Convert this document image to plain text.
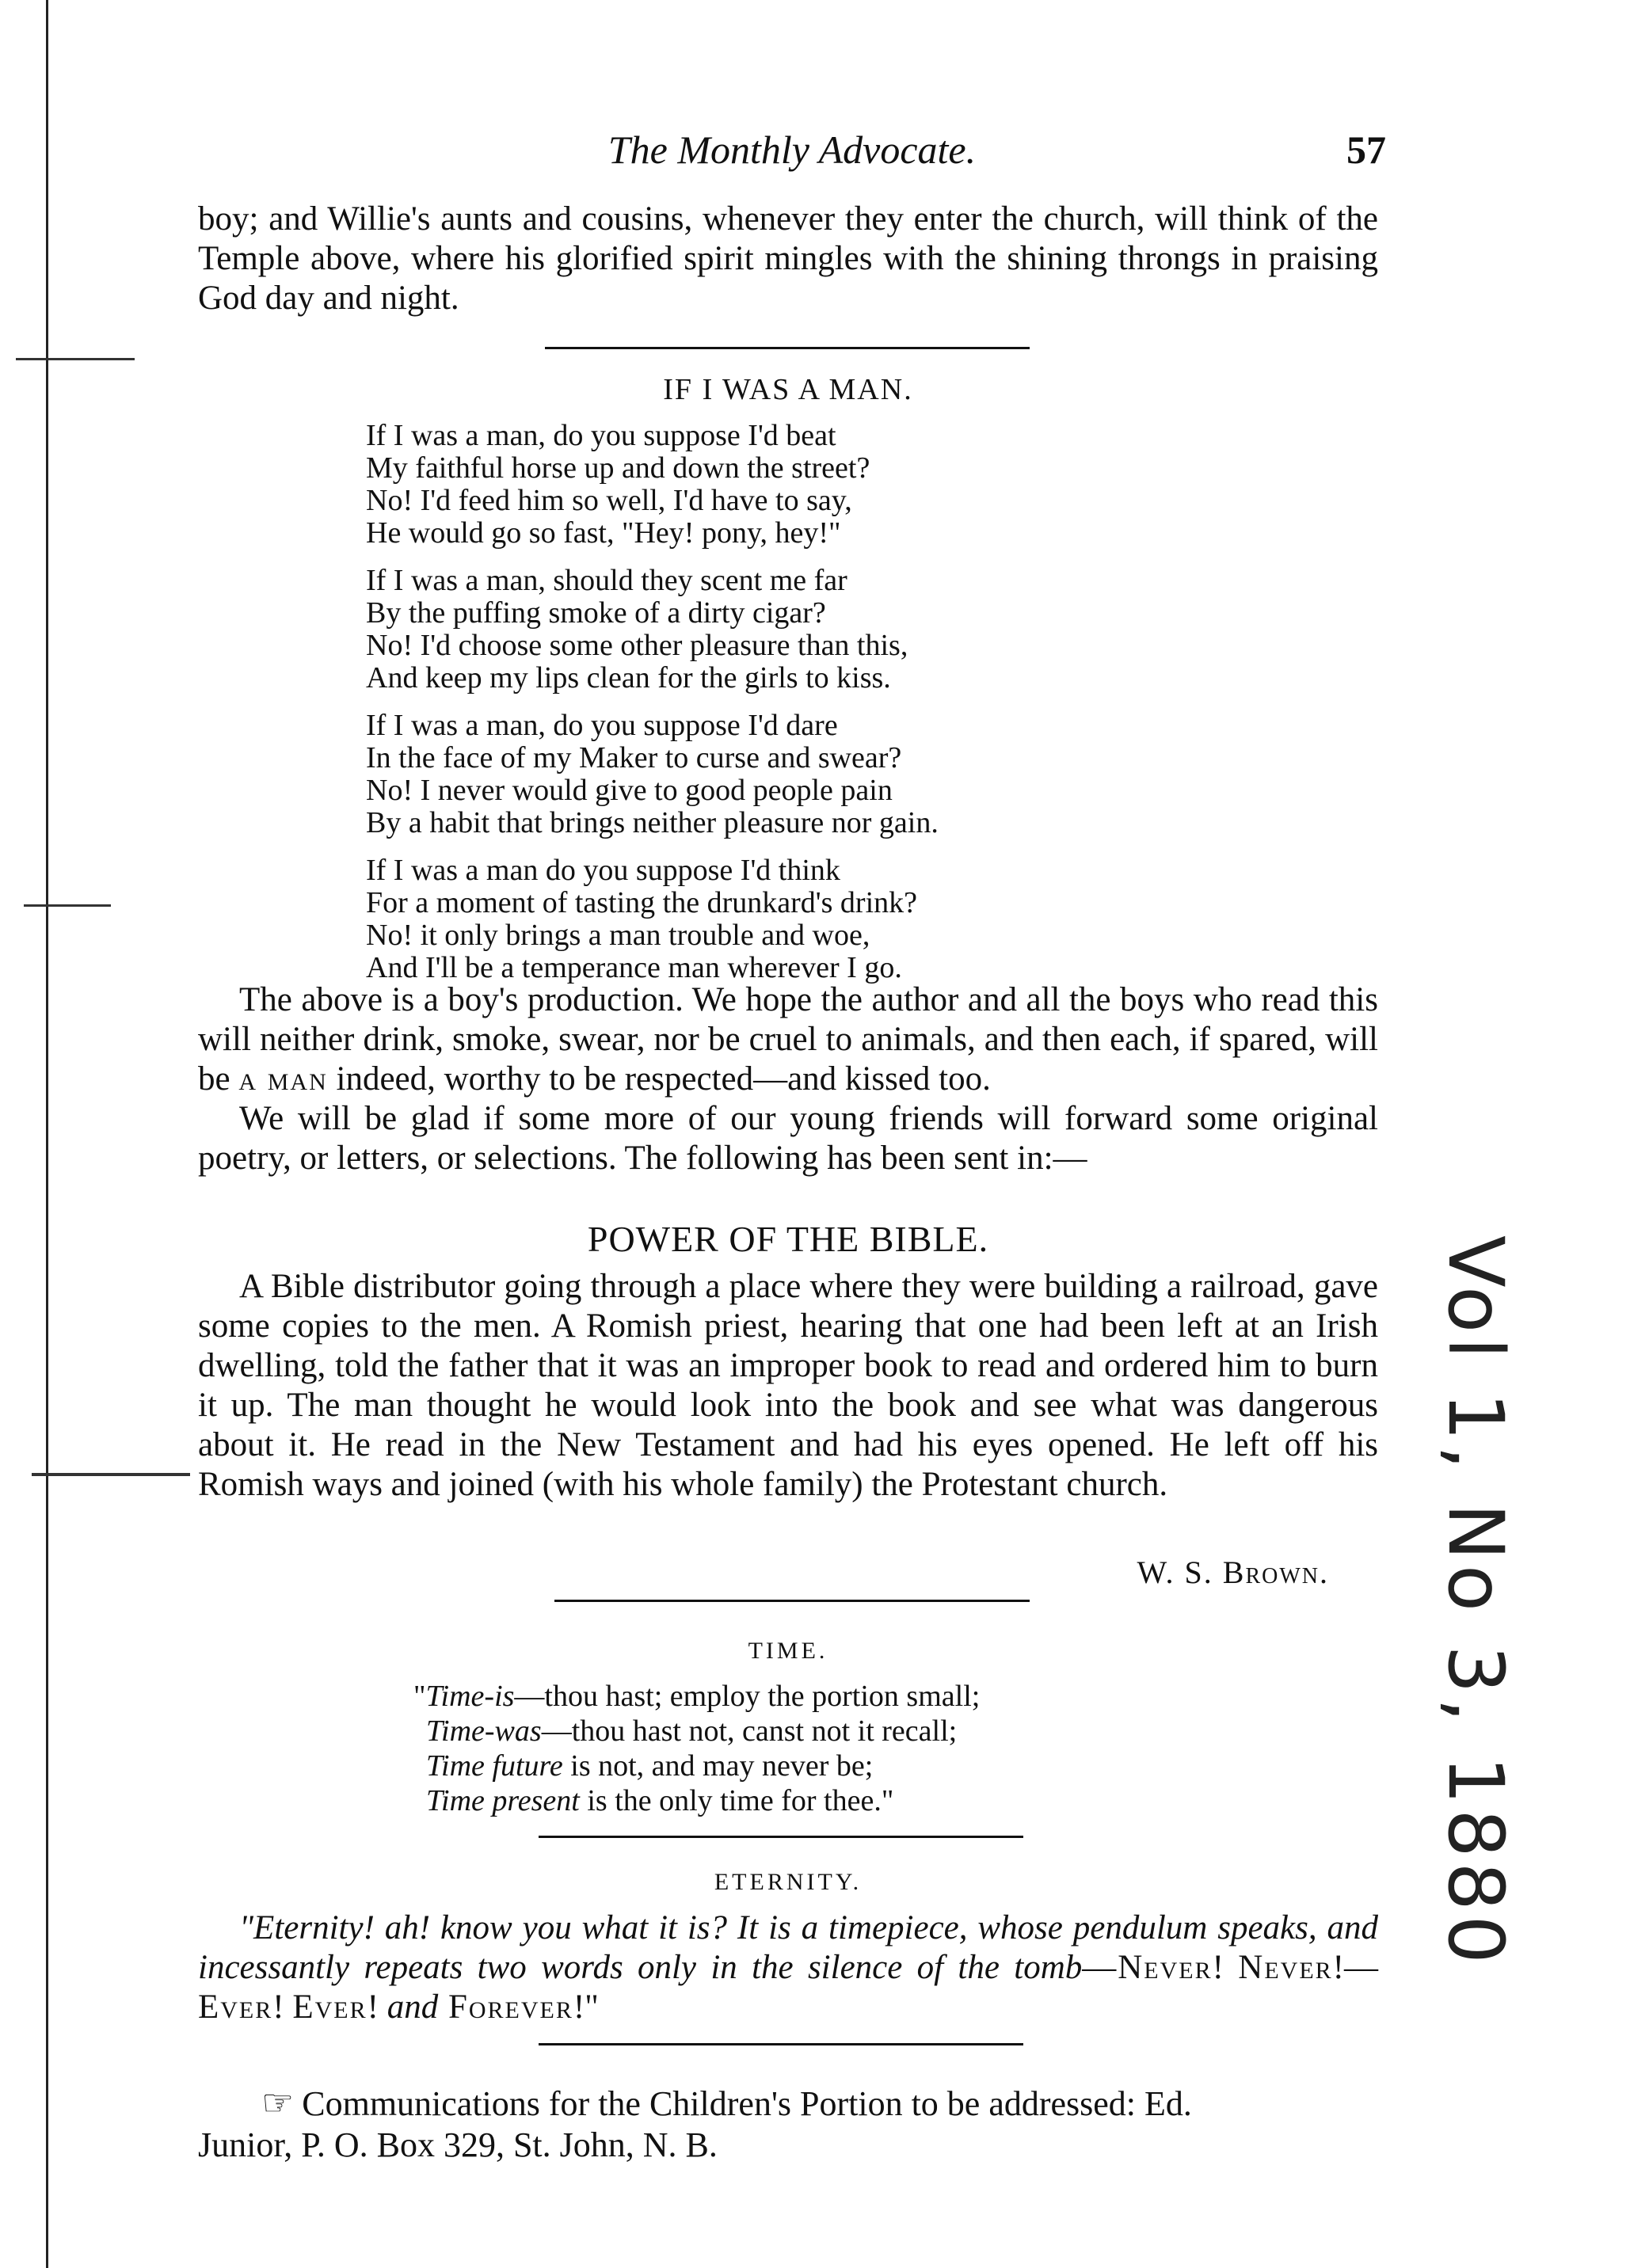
Vol 1, No 3, 1880
The Monthly Advocate.	57

boy; and Willie's aunts and cousins, whenever they enter the church, will think of the Temple above, where his glorified spirit mingles with the shining throngs in praising God day and night.

IF I WAS A MAN.
If I was a man, do you suppose I'd beat
My faithful horse up and down the street?
No! I'd feed him so well, I'd have to say,
He would go so fast, "Hey! pony, hey!"
If I was a man, should they scent me far
By the puffing smoke of a dirty cigar?
No! I'd choose some other pleasure than this,
And keep my lips clean for the girls to kiss.
If I was a man, do you suppose I'd dare
In the face of my Maker to curse and swear?
No! I never would give to good people pain
By a habit that brings neither pleasure nor gain.
If I was a man do you suppose I'd think
For a moment of tasting the drunkard's drink?
No! it only brings a man trouble and woe,
And I'll be a temperance man wherever I go.

The above is a boy's production. We hope the author and all the boys who read this will neither drink, smoke, swear, nor be cruel to animals, and then each, if spared, will be a man indeed, worthy to be respected—and kissed too.

We will be glad if some more of our young friends will forward some original poetry, or letters, or selections. The following has been sent in:—

POWER OF THE BIBLE.

A Bible distributor going through a place where they were building a railroad, gave some copies to the men. A Romish priest, hearing that one had been left at an Irish dwelling, told the father that it was an improper book to read and ordered him to burn it up. The man thought he would look into the book and see what was dangerous about it. He read in the New Testament and had his eyes opened. He left off his Romish ways and joined (with his whole family) the Protestant church.

W. S. Brown.
TIME.
"Time-is—thou hast; employ the portion small;
Time-was—thou hast not, canst not it recall;
Time future is not, and may never be;
Time present is the only time for thee."
ETERNITY.

"Eternity! ah! know you what it is? It is a timepiece, whose pendulum speaks, and incessantly repeats two words only in the silence of the tomb—Never! Never!—Ever! Ever! and Forever!"

☞ Communications for the Children's Portion to be addressed: Ed.
Junior, P. O. Box 329, St. John, N. B.
